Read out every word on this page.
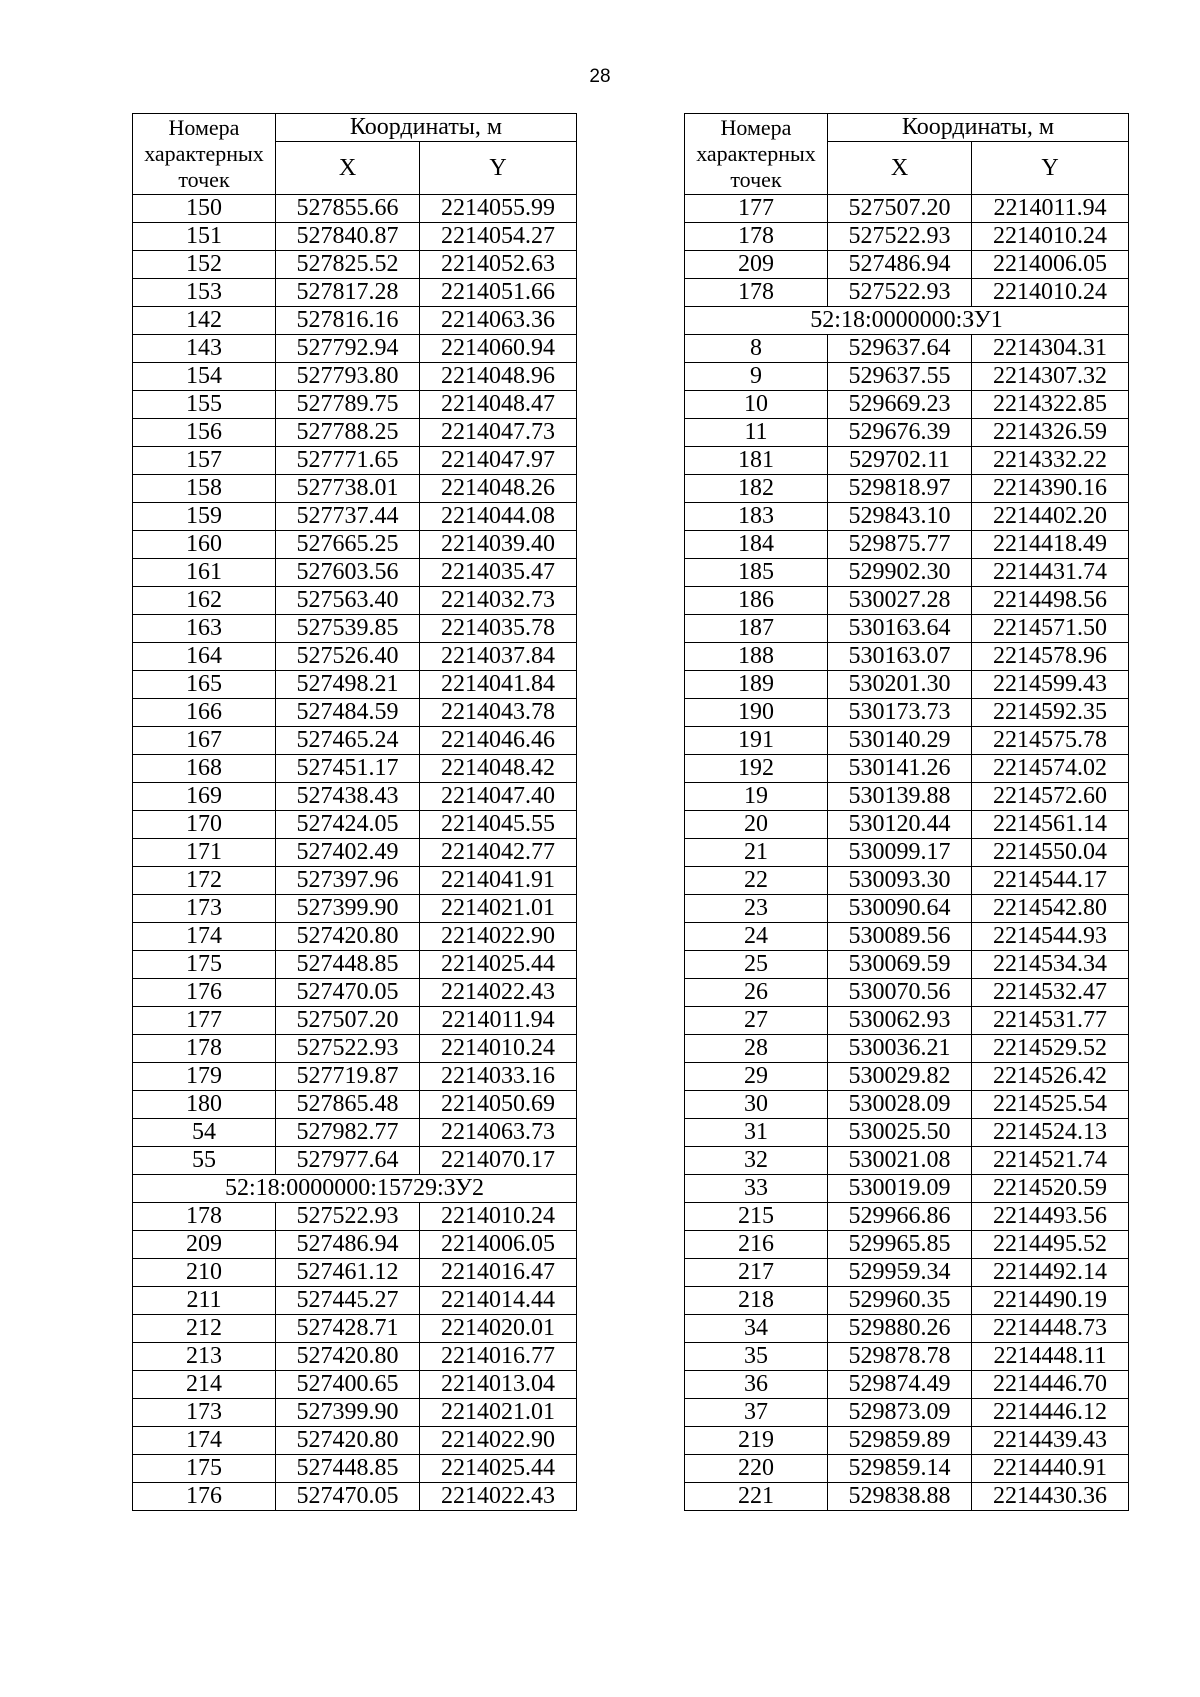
28
Номера характерных точек	Координаты, м	
	X	Y
150	527855.66	2214055.99
151	527840.87	2214054.27
152	527825.52	2214052.63
153	527817.28	2214051.66
142	527816.16	2214063.36
143	527792.94	2214060.94
154	527793.80	2214048.96
155	527789.75	2214048.47
156	527788.25	2214047.73
157	527771.65	2214047.97
158	527738.01	2214048.26
159	527737.44	2214044.08
160	527665.25	2214039.40
161	527603.56	2214035.47
162	527563.40	2214032.73
163	527539.85	2214035.78
164	527526.40	2214037.84
165	527498.21	2214041.84
166	527484.59	2214043.78
167	527465.24	2214046.46
168	527451.17	2214048.42
169	527438.43	2214047.40
170	527424.05	2214045.55
171	527402.49	2214042.77
172	527397.96	2214041.91
173	527399.90	2214021.01
174	527420.80	2214022.90
175	527448.85	2214025.44
176	527470.05	2214022.43
177	527507.20	2214011.94
178	527522.93	2214010.24
179	527719.87	2214033.16
180	527865.48	2214050.69
54	527982.77	2214063.73
55	527977.64	2214070.17
52:18:0000000:15729:ЗУ2		
178	527522.93	2214010.24
209	527486.94	2214006.05
210	527461.12	2214016.47
211	527445.27	2214014.44
212	527428.71	2214020.01
213	527420.80	2214016.77
214	527400.65	2214013.04
173	527399.90	2214021.01
174	527420.80	2214022.90
175	527448.85	2214025.44
176	527470.05	2214022.43
Номера характерных точек	Координаты, м	
	X	Y
177	527507.20	2214011.94
178	527522.93	2214010.24
209	527486.94	2214006.05
178	527522.93	2214010.24
52:18:0000000:ЗУ1		
8	529637.64	2214304.31
9	529637.55	2214307.32
10	529669.23	2214322.85
11	529676.39	2214326.59
181	529702.11	2214332.22
182	529818.97	2214390.16
183	529843.10	2214402.20
184	529875.77	2214418.49
185	529902.30	2214431.74
186	530027.28	2214498.56
187	530163.64	2214571.50
188	530163.07	2214578.96
189	530201.30	2214599.43
190	530173.73	2214592.35
191	530140.29	2214575.78
192	530141.26	2214574.02
19	530139.88	2214572.60
20	530120.44	2214561.14
21	530099.17	2214550.04
22	530093.30	2214544.17
23	530090.64	2214542.80
24	530089.56	2214544.93
25	530069.59	2214534.34
26	530070.56	2214532.47
27	530062.93	2214531.77
28	530036.21	2214529.52
29	530029.82	2214526.42
30	530028.09	2214525.54
31	530025.50	2214524.13
32	530021.08	2214521.74
33	530019.09	2214520.59
215	529966.86	2214493.56
216	529965.85	2214495.52
217	529959.34	2214492.14
218	529960.35	2214490.19
34	529880.26	2214448.73
35	529878.78	2214448.11
36	529874.49	2214446.70
37	529873.09	2214446.12
219	529859.89	2214439.43
220	529859.14	2214440.91
221	529838.88	2214430.36
